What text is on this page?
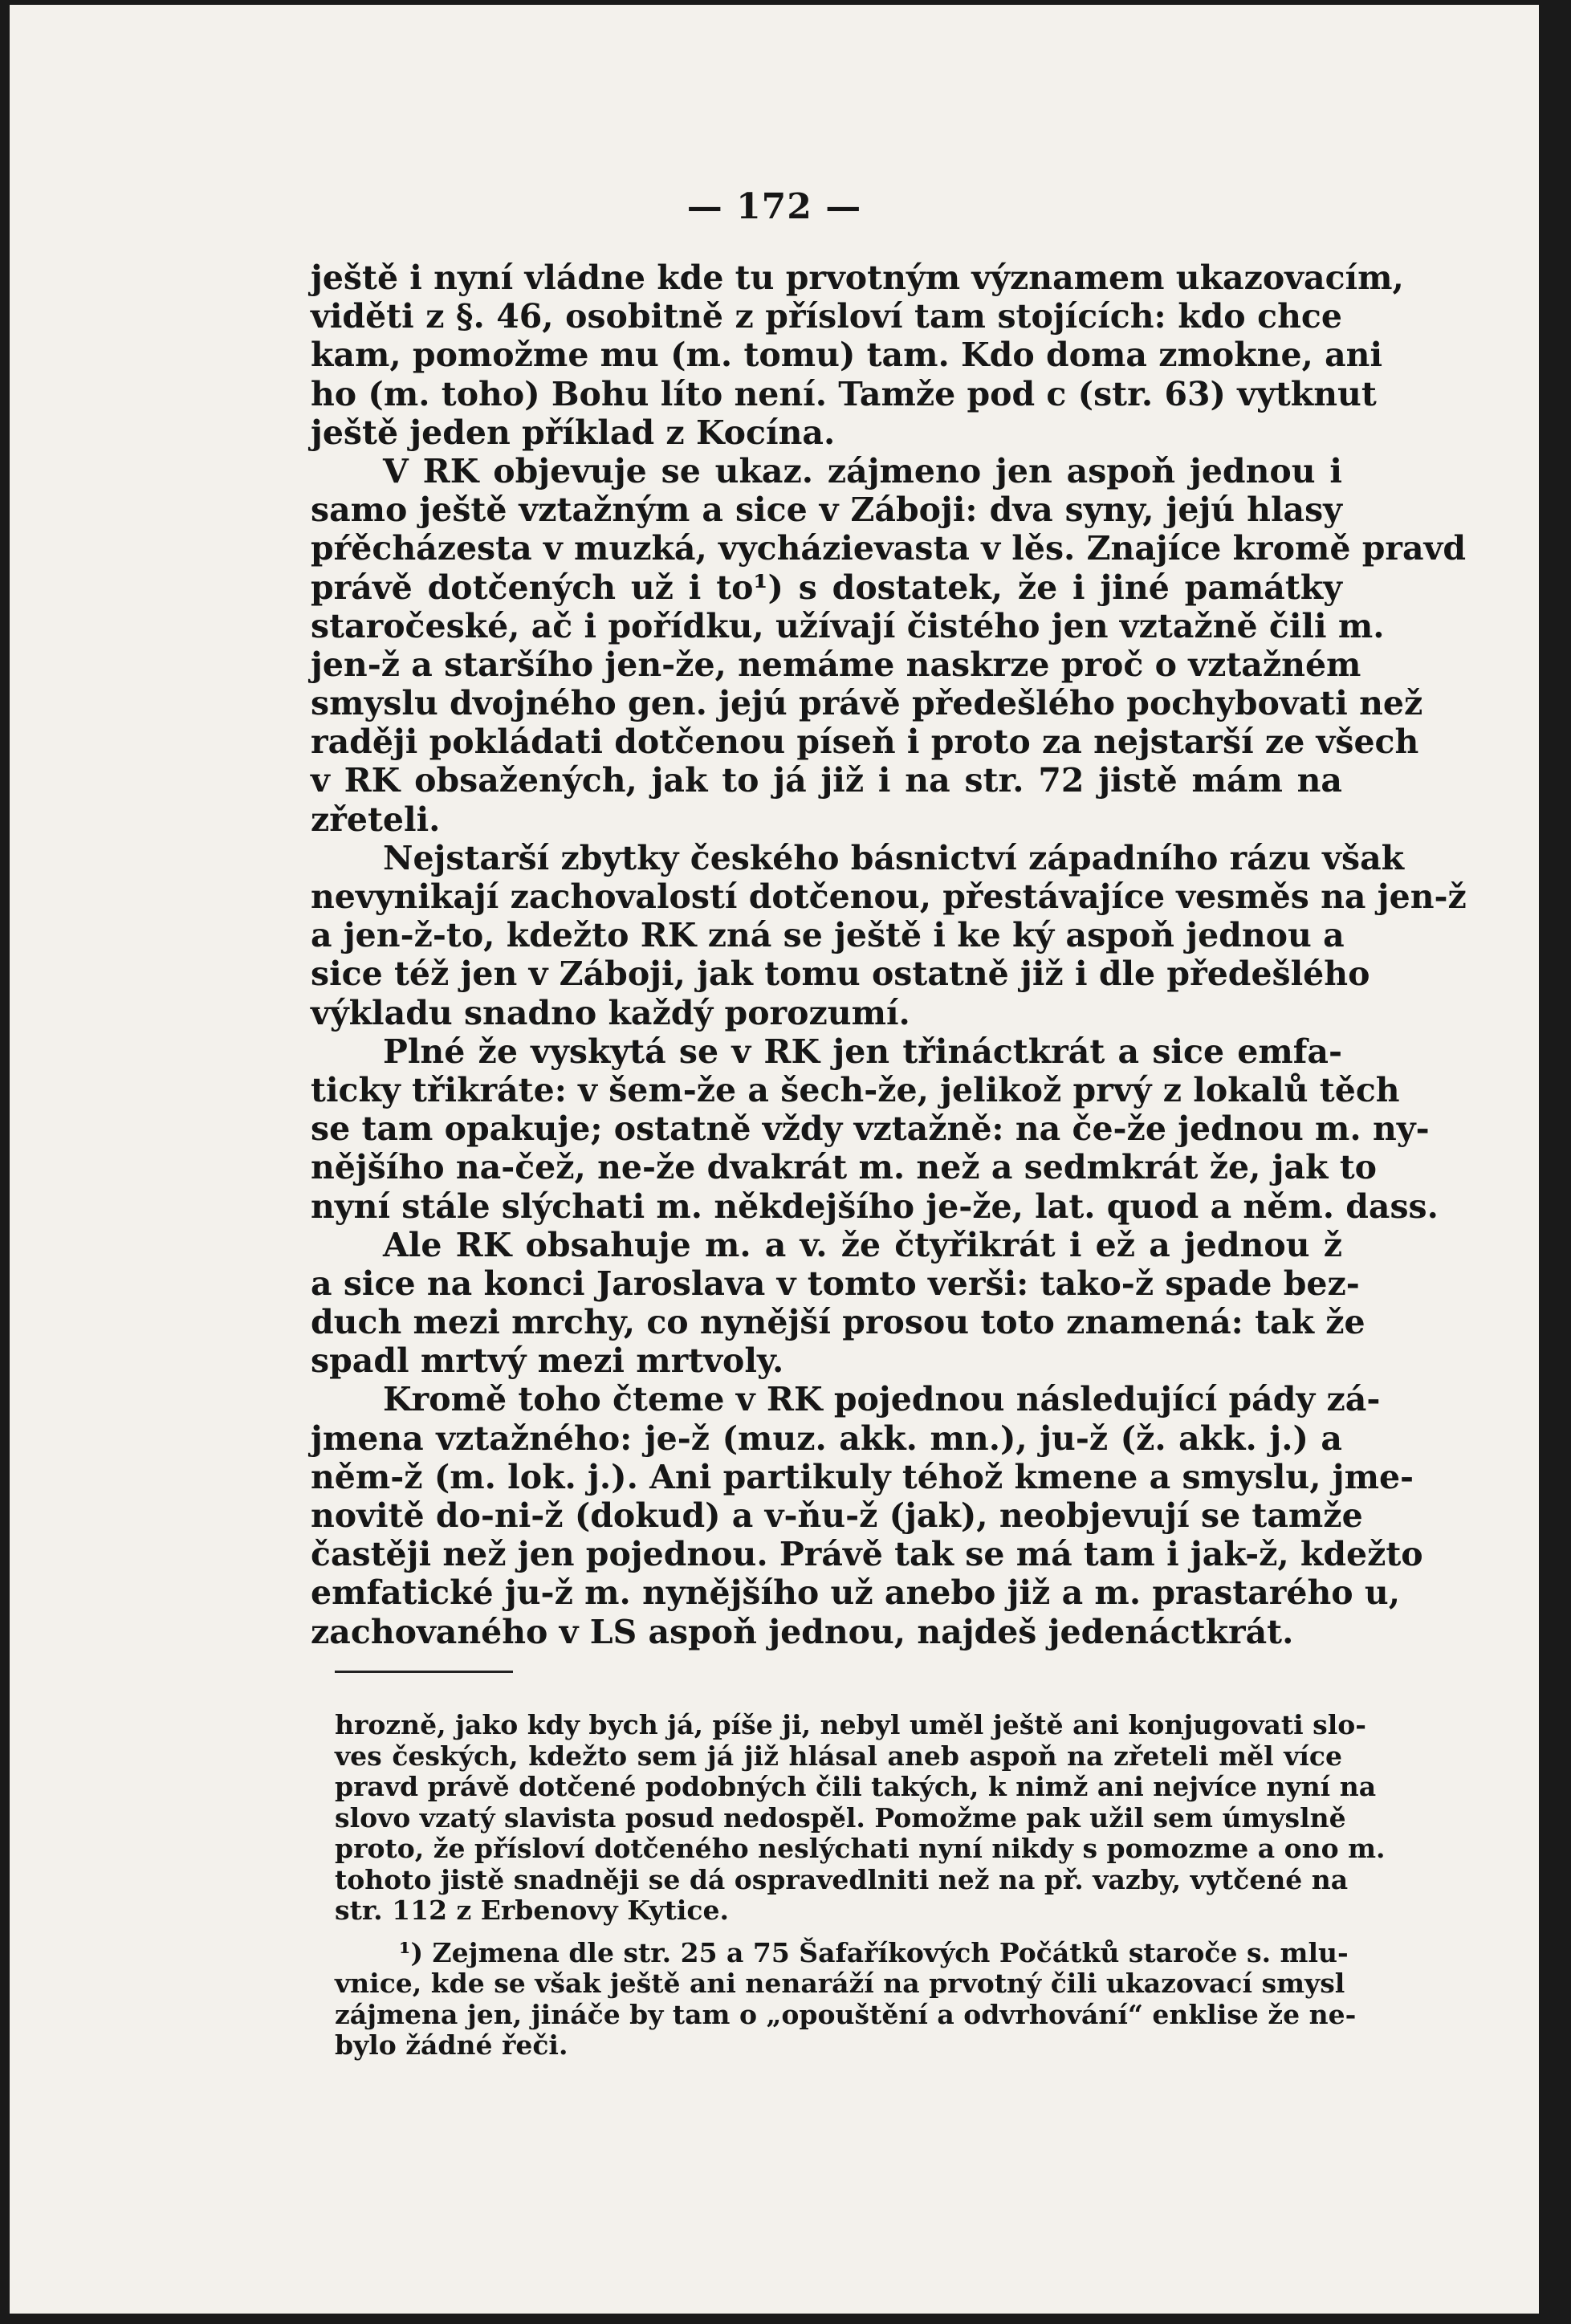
— 172 —
ještě i nyní vládne kde tu prvotným významem ukazovacím,
viděti z §. 46, osobitně z přísloví tam stojících: kdo chce
kam, pomožme mu (m. tomu) tam. Kdo doma zmokne, ani
ho (m. toho) Bohu líto není. Tamže pod c (str. 63) vytknut
ještě jeden příklad z Kocína.
V RK objevuje se ukaz. zájmeno jen aspoň jednou i
samo ještě vztažným a sice v Záboji: dva syny, jejú hlasy
pŕěcházesta v muzká, vycházievasta v lěs. Znajíce kromě pravd
právě dotčených už i to¹) s dostatek, že i jiné památky
staročeské, ač i pořídku, užívají čistého jen vztažně čili m.
jen-ž a staršího jen-že, nemáme naskrze proč o vztažném
smyslu dvojného gen. jejú právě předešlého pochybovati než
raději pokládati dotčenou píseň i proto za nejstarší ze všech
v RK obsažených, jak to já již i na str. 72 jistě mám na
zřeteli.
Nejstarší zbytky českého básnictví západního rázu však
nevynikají zachovalostí dotčenou, přestávajíce vesměs na jen-ž
a jen-ž-to, kdežto RK zná se ještě i ke ký aspoň jednou a
sice též jen v Záboji, jak tomu ostatně již i dle předešlého
výkladu snadno každý porozumí.
Plné že vyskytá se v RK jen třináctkrát a sice emfa-
ticky třikráte: v šem-že a šech-že, jelikož prvý z lokalů těch
se tam opakuje; ostatně vždy vztažně: na če-že jednou m. ny-
nějšího na-čež, ne-že dvakrát m. než a sedmkrát že, jak to
nyní stále slýchati m. někdejšího je-že, lat. quod a něm. dass.
Ale RK obsahuje m. a v. že čtyřikrát i ež a jednou ž
a sice na konci Jaroslava v tomto verši: tako-ž spade bez-
duch mezi mrchy, co nynější prosou toto znamená: tak že
spadl mrtvý mezi mrtvoly.
Kromě toho čteme v RK pojednou následující pády zá-
jmena vztažného: je-ž (muz. akk. mn.), ju-ž (ž. akk. j.) a
něm-ž (m. lok. j.). Ani partikuly téhož kmene a smyslu, jme-
novitě do-ni-ž (dokud) a v-ňu-ž (jak), neobjevují se tamže
častěji než jen pojednou. Právě tak se má tam i jak-ž, kdežto
emfatické ju-ž m. nynějšího už anebo již a m. prastarého u,
zachovaného v LS aspoň jednou, najdeš jedenáctkrát.
hrozně, jako kdy bych já, píše ji, nebyl uměl ještě ani konjugovati slo-
ves českých, kdežto sem já již hlásal aneb aspoň na zřeteli měl více
pravd právě dotčené podobných čili takých, k nimž ani nejvíce nyní na
slovo vzatý slavista posud nedospěl. Pomožme pak užil sem úmyslně
proto, že přísloví dotčeného neslýchati nyní nikdy s pomozme a ono m.
tohoto jistě snadněji se dá ospravedlniti než na př. vazby, vytčené na
str. 112 z Erbenovy Kytice.
¹) Zejmena dle str. 25 a 75 Šafaříkových Počátků staroče s. mlu-
vnice, kde se však ještě ani nenaráží na prvotný čili ukazovací smysl
zájmena jen, jináče by tam o „opouštění a odvrhování“ enklise že ne-
bylo žádné řeči.
